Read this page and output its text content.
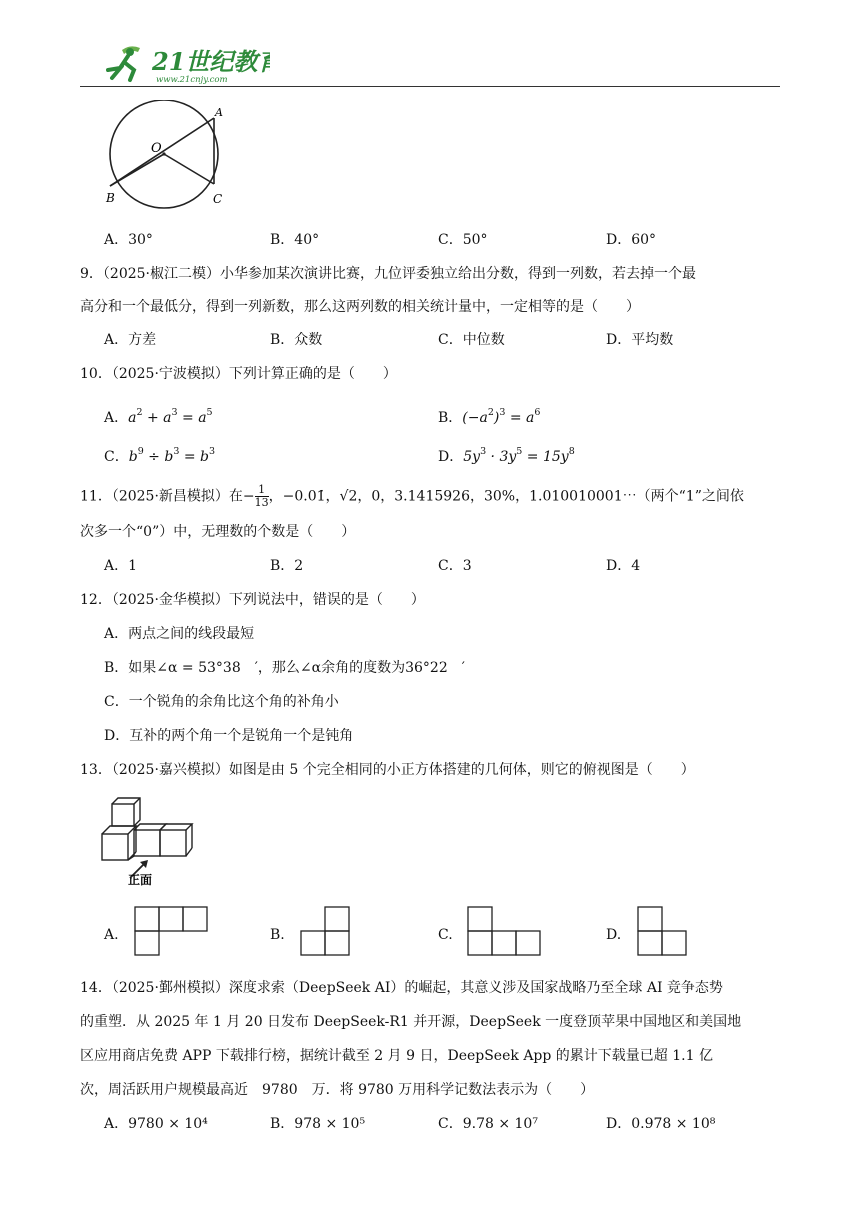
21世纪教育
www.21cnjy.com
O
A
B	C
A．30°	B．40°	C．50°	D．60°
9．（2025·椒江二模）小华参加某次演讲比赛，九位评委独立给出分数，得到一列数，若去掉一个最
高分和一个最低分，得到一列新数，那么这两列数的相关统计量中，一定相等的是（　　）
A．方差	B．众数	C．中位数	D．平均数
10．（2025·宁波模拟）下列计算正确的是（　　）
A．$a^2 + a^3 = a^5$	B．$(-a^2)^3 = a^6$
C．$b^9 \div b^3 = b^3$	D．$5y^3 \cdot 3y^5 = 15y^8$
11．（2025·新昌模拟）在− $\frac{1}{13}$ ，−0.01̇，√2，0，3.1415926，30%，1.010010001⋯（两个“1”之间依
次多一个“0”）中，无理数的个数是（　　）
A．1	B．2	C．3	D．4
12．（2025·金华模拟）下列说法中，错误的是（　　）
A．两点之间的线段最短
B．如果∠α = 53°38　′，那么∠α余角的度数为36°22　′
C．一个锐角的余角比这个角的补角小
D．互补的两个角一个是锐角一个是钝角
13．（2025·嘉兴模拟）如图是由 5 个完全相同的小正方体搭建的几何体，则它的俯视图是（　　）
正面
A.	B.	C.	D.
14．（2025·鄞州模拟）深度求索（DeepSeek AI）的崛起，其意义涉及国家战略乃至全球 AI 竞争态势
的重塑．从 2025 年 1 月 20 日发布 DeepSeek-R1 并开源，DeepSeek 一度登顶苹果中国地区和美国地
区应用商店免费 APP 下载排行榜，据统计截至 2 月 9 日，DeepSeek App 的累计下载量已超 1.1 亿
次，周活跃用户规模最高近　9780　万．将 9780 万用科学记数法表示为（　　）
A．9780 × 10⁴	B．978 × 10⁵	C．9.78 × 10⁷	D．0.978 × 10⁸
